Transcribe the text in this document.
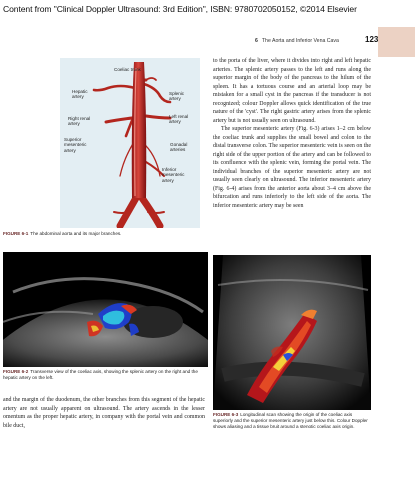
Content from "Clinical Doppler Ultrasound: 3rd Edition", ISBN: 9780702050152, ©2014 Elsevier
6 The Aorta and Inferior Vena Cava	123
Coeliac trunk
Hepatic
artery
Splenic
artery
Right renal
artery
Left renal
artery
Superior
mesenteric
artery
Gonadal
arteries
Inferior
mesenteric
artery
FIGURE 6-1 The abdominal aorta and its major branches.

to the porta of the liver, where it divides into right and left hepatic arteries. The splenic artery passes to the left and runs along the superior margin of the body of the pancreas to the hilum of the spleen. It has a tortuous course and an arterial loop may be mistaken for a small cyst in the pancreas if the transducer is not recognized; colour Doppler allows quick identification of the true nature of the 'cyst'. The right gastric artery arises from the splenic artery but is not usually seen on ultrasound.

The superior mesenteric artery (Fig. 6-3) arises 1–2 cm below the coeliac trunk and supplies the small bowel and colon to the distal transverse colon. The superior mesenteric vein is seen on the right side of the upper portion of the artery and can be followed to its confluence with the splenic vein, forming the portal vein. The individual branches of the superior mesenteric artery are not usually seen clearly on ultrasound. The inferior mesenteric artery (Fig. 6-4) arises from the anterior aorta about 3–4 cm above the bifurcation and runs inferiorly to the left side of the aorta. The inferior mesenteric artery may be seen

FIGURE 6-2 Transverse view of the coeliac axis, showing the splenic artery on the right and the hepatic artery on the left.
FIGURE 6-3 Longitudinal scan showing the origin of the coeliac axis superiorly and the superior mesenteric artery just below this. Colour Doppler shows aliasing and a tissue bruit around a stenotic coeliac axis origin.

and the margin of the duodenum, the other branches from this segment of the hepatic artery are not usually apparent on ultrasound. The artery ascends in the lesser omentum as the proper hepatic artery, in company with the portal vein and common bile duct,
